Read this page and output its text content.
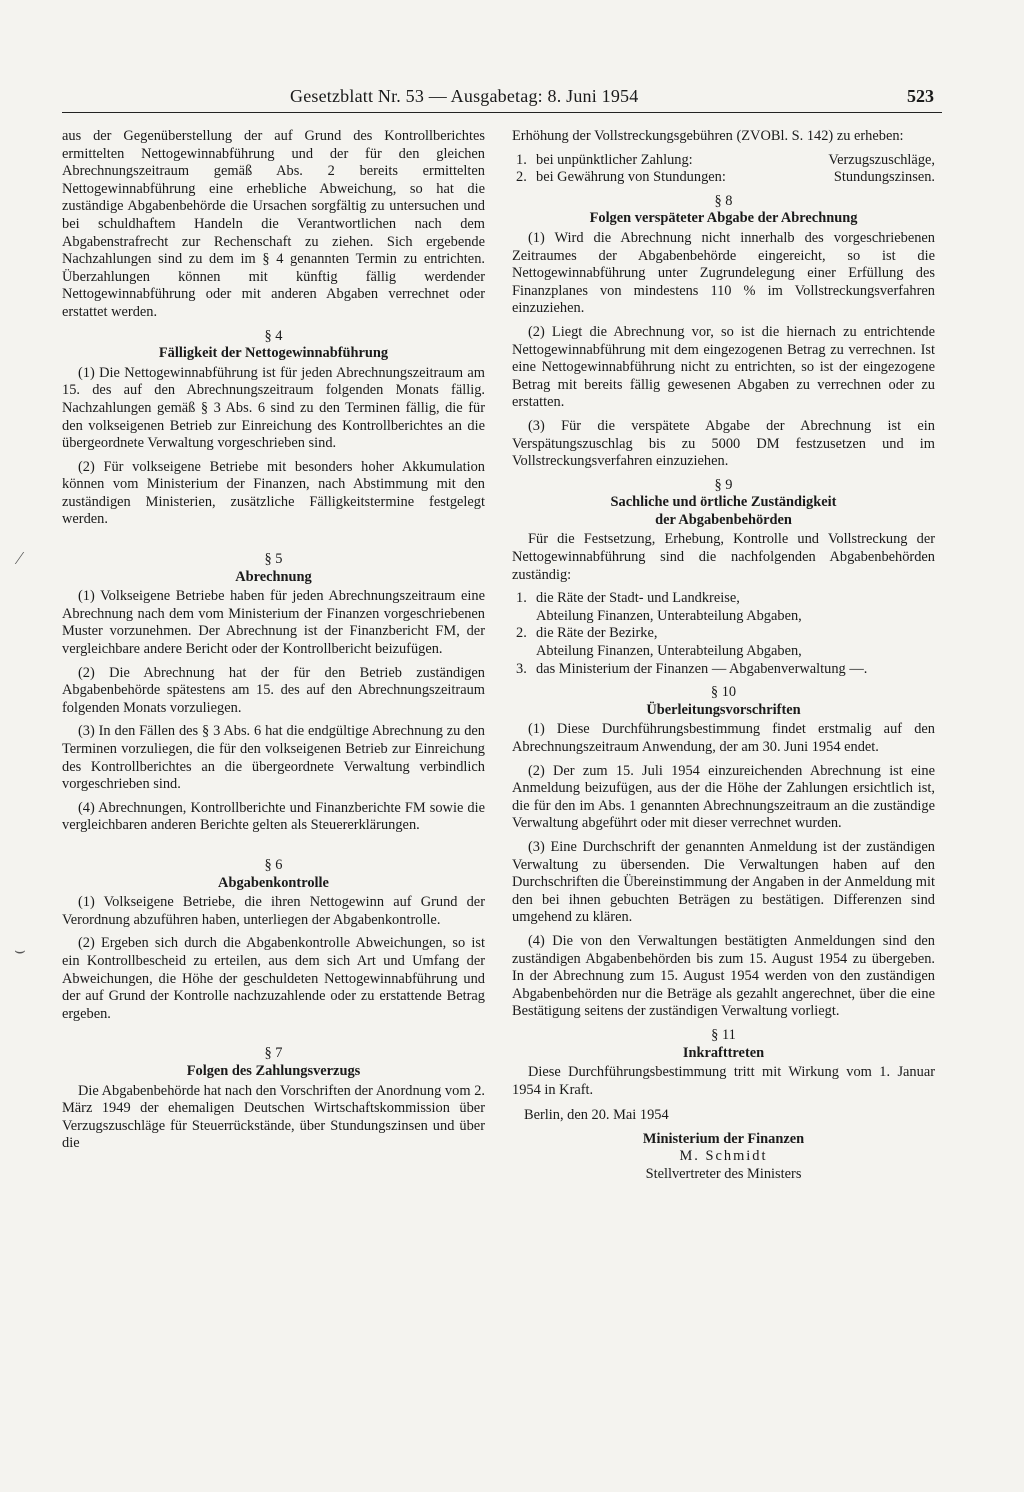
Gesetzblatt Nr. 53 — Ausgabetag: 8. Juni 1954	523

aus der Gegenüberstellung der auf Grund des Kontrollberichtes ermittelten Nettogewinnabführung und der für den gleichen Abrechnungszeitraum gemäß Abs. 2 bereits ermittelten Nettogewinnabführung eine erhebliche Abweichung, so hat die zuständige Abgabenbehörde die Ursachen sorgfältig zu untersuchen und bei schuldhaftem Handeln die Verantwortlichen nach dem Abgabenstrafrecht zur Rechenschaft zu ziehen. Sich ergebende Nachzahlungen sind zu dem im § 4 genannten Termin zu entrichten. Überzahlungen können mit künftig fällig werdender Nettogewinnabführung oder mit anderen Abgaben verrechnet oder erstattet werden.

§ 4
Fälligkeit der Nettogewinnabführung

(1) Die Nettogewinnabführung ist für jeden Abrechnungszeitraum am 15. des auf den Abrechnungszeitraum folgenden Monats fällig. Nachzahlungen gemäß § 3 Abs. 6 sind zu den Terminen fällig, die für den volkseigenen Betrieb zur Einreichung des Kontrollberichtes an die übergeordnete Verwaltung vorgeschrieben sind.

(2) Für volkseigene Betriebe mit besonders hoher Akkumulation können vom Ministerium der Finanzen, nach Abstimmung mit den zuständigen Ministerien, zusätzliche Fälligkeitstermine festgelegt werden.

§ 5
Abrechnung

(1) Volkseigene Betriebe haben für jeden Abrechnungszeitraum eine Abrechnung nach dem vom Ministerium der Finanzen vorgeschriebenen Muster vorzunehmen. Der Abrechnung ist der Finanzbericht FM, der vergleichbare andere Bericht oder der Kontrollbericht beizufügen.

(2) Die Abrechnung hat der für den Betrieb zuständigen Abgabenbehörde spätestens am 15. des auf den Abrechnungszeitraum folgenden Monats vorzuliegen.

(3) In den Fällen des § 3 Abs. 6 hat die endgültige Abrechnung zu den Terminen vorzuliegen, die für den volkseigenen Betrieb zur Einreichung des Kontrollberichtes an die übergeordnete Verwaltung verbindlich vorgeschrieben sind.

(4) Abrechnungen, Kontrollberichte und Finanzberichte FM sowie die vergleichbaren anderen Berichte gelten als Steuererklärungen.

§ 6
Abgabenkontrolle

(1) Volkseigene Betriebe, die ihren Nettogewinn auf Grund der Verordnung abzuführen haben, unterliegen der Abgabenkontrolle.

(2) Ergeben sich durch die Abgabenkontrolle Abweichungen, so ist ein Kontrollbescheid zu erteilen, aus dem sich Art und Umfang der Abweichungen, die Höhe der geschuldeten Nettogewinnabführung und der auf Grund der Kontrolle nachzuzahlende oder zu erstattende Betrag ergeben.

§ 7
Folgen des Zahlungsverzugs

Die Abgabenbehörde hat nach den Vorschriften der Anordnung vom 2. März 1949 der ehemaligen Deutschen Wirtschaftskommission über Verzugszuschläge für Steuerrückstände, über Stundungszinsen und über die

Erhöhung der Vollstreckungsgebühren (ZVOBl. S. 142) zu erheben:

1. bei unpünktlicher Zahlung:	Verzugszuschläge,
2. bei Gewährung von Stundungen:	Stundungszinsen.
§ 8
Folgen verspäteter Abgabe der Abrechnung

(1) Wird die Abrechnung nicht innerhalb des vorgeschriebenen Zeitraumes der Abgabenbehörde eingereicht, so ist die Nettogewinnabführung unter Zugrundelegung einer Erfüllung des Finanzplanes von mindestens 110 % im Vollstreckungsverfahren einzuziehen.

(2) Liegt die Abrechnung vor, so ist die hiernach zu entrichtende Nettogewinnabführung mit dem eingezogenen Betrag zu verrechnen. Ist eine Nettogewinnabführung nicht zu entrichten, so ist der eingezogene Betrag mit bereits fällig gewesenen Abgaben zu verrechnen oder zu erstatten.

(3) Für die verspätete Abgabe der Abrechnung ist ein Verspätungszuschlag bis zu 5000 DM festzusetzen und im Vollstreckungsverfahren einzuziehen.

§ 9
Sachliche und örtliche Zuständigkeit
der Abgabenbehörden

Für die Festsetzung, Erhebung, Kontrolle und Vollstreckung der Nettogewinnabführung sind die nachfolgenden Abgabenbehörden zuständig:

1. die Räte der Stadt- und Landkreise,
Abteilung Finanzen, Unterabteilung Abgaben,
2. die Räte der Bezirke,
Abteilung Finanzen, Unterabteilung Abgaben,
3. das Ministerium der Finanzen — Abgabenverwaltung —.
§ 10
Überleitungsvorschriften

(1) Diese Durchführungsbestimmung findet erstmalig auf den Abrechnungszeitraum Anwendung, der am 30. Juni 1954 endet.

(2) Der zum 15. Juli 1954 einzureichenden Abrechnung ist eine Anmeldung beizufügen, aus der die Höhe der Zahlungen ersichtlich ist, die für den im Abs. 1 genannten Abrechnungszeitraum an die zuständige Verwaltung abgeführt oder mit dieser verrechnet wurden.

(3) Eine Durchschrift der genannten Anmeldung ist der zuständigen Verwaltung zu übersenden. Die Verwaltungen haben auf den Durchschriften die Übereinstimmung der Angaben in der Anmeldung mit den bei ihnen gebuchten Beträgen zu bestätigen. Differenzen sind umgehend zu klären.

(4) Die von den Verwaltungen bestätigten Anmeldungen sind den zuständigen Abgabenbehörden bis zum 15. August 1954 zu übergeben. In der Abrechnung zum 15. August 1954 werden von den zuständigen Abgabenbehörden nur die Beträge als gezahlt angerechnet, über die eine Bestätigung seitens der zuständigen Verwaltung vorliegt.

§ 11
Inkrafttreten

Diese Durchführungsbestimmung tritt mit Wirkung vom 1. Januar 1954 in Kraft.

Berlin, den 20. Mai 1954
Ministerium der Finanzen
M. Schmidt
Stellvertreter des Ministers
⁄
⌣
